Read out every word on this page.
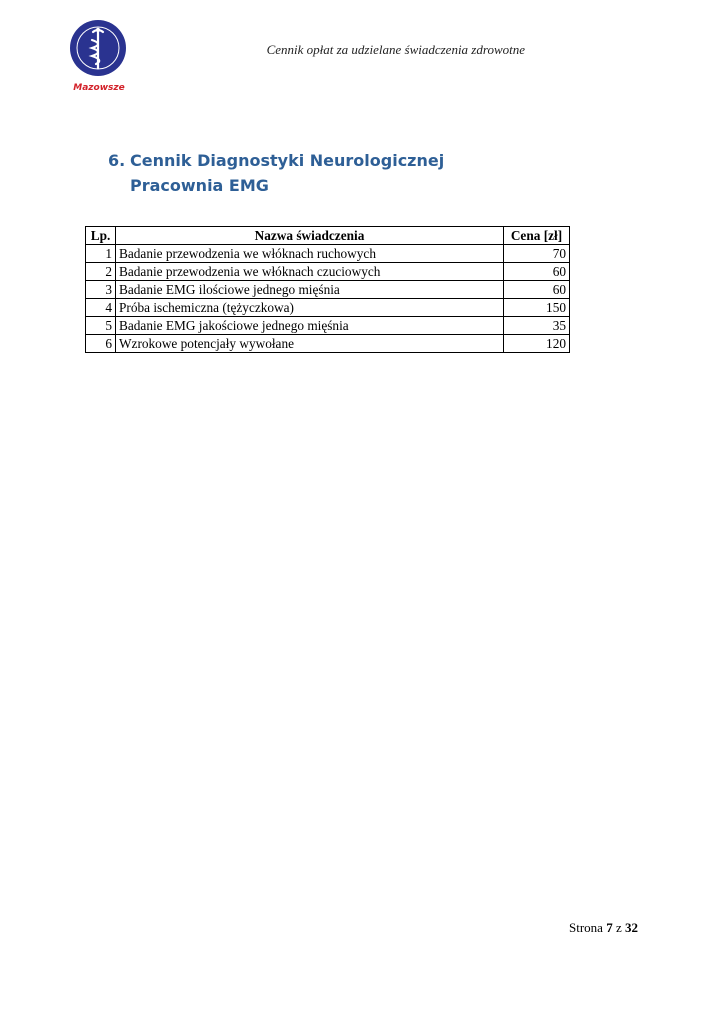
Mazowsze
Cennik opłat za udzielane świadczenia zdrowotne
6. Cennik Diagnostyki Neurologicznej
Pracownia EMG
Lp.	Nazwa świadczenia	Cena [zł]
1	Badanie przewodzenia we włóknach ruchowych	70
2	Badanie przewodzenia we włóknach czuciowych	60
3	Badanie EMG ilościowe jednego mięśnia	60
4	Próba ischemiczna (tężyczkowa)	150
5	Badanie EMG jakościowe jednego mięśnia	35
6	Wzrokowe potencjały wywołane	120
Strona 7 z 32
